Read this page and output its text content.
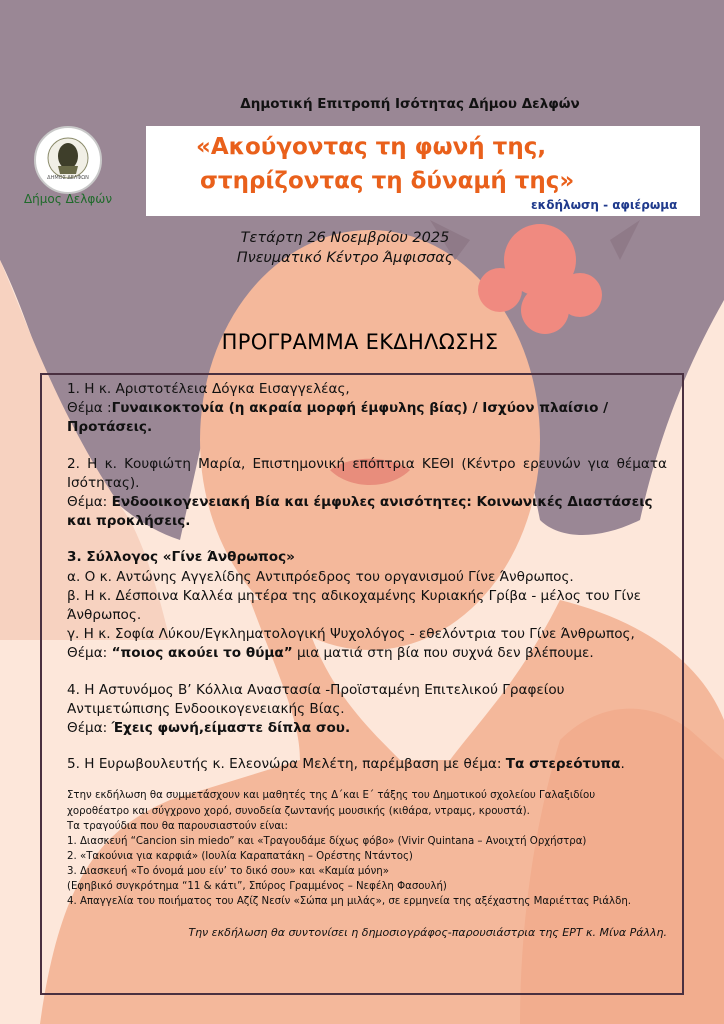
Δημοτική Επιτροπή Ισότητας Δήμου Δελφών
ΔΗΜΟΣ ΔΕΛΦΩΝ
Δήμος Δελφών
«Ακούγοντας τη φωνή της,
στηρίζοντας τη δύναμή της»
εκδήλωση - αφιέρωμα
Τετάρτη 26 Νοεμβρίου 2025
Πνευματικό Κέντρο Άμφισσας
ΠΡΟΓΡΑΜΜΑ ΕΚΔΗΛΩΣΗΣ

1. Η κ. Αριστοτέλεια Δόγκα Εισαγγελέας,

Θέμα :Γυναικοκτονία (η ακραία μορφή έμφυλης βίας) / Ισχύον πλαίσιο / Προτάσεις.

2. Η κ. Κουφιώτη Μαρία, Επιστημονική επόπτρια ΚΕΘΙ (Κέντρο ερευνών για θέματα Ισότητας).

Θέμα: Ενδοοικογενειακή Βία και έμφυλες ανισότητες: Κοινωνικές Διαστάσεις και προκλήσεις.

3. Σύλλογος «Γίνε Άνθρωπος»

α. Ο κ. Αντώνης Αγγελίδης Αντιπρόεδρος του οργανισμού Γίνε Άνθρωπος.

β. Η κ. Δέσποινα Καλλέα μητέρα της αδικοχαμένης Κυριακής Γρίβα - μέλος του Γίνε Άνθρωπος.

γ. Η κ. Σοφία Λύκου/Εγκληματολογική Ψυχολόγος - εθελόντρια του Γίνε Άνθρωπος,

Θέμα: “ποιος ακούει το θύμα” μια ματιά στη βία που συχνά δεν βλέπουμε.

4. Η Αστυνόμος Β’ Κόλλια Αναστασία -Προϊσταμένη Επιτελικού Γραφείου Αντιμετώπισης Ενδοοικογενειακής Βίας.

Θέμα: Έχεις φωνή,είμαστε δίπλα σου.

5. Η Ευρωβουλευτής κ. Ελεονώρα Μελέτη, παρέμβαση με θέμα: Τα στερεότυπα.

Στην εκδήλωση θα συμμετάσχουν και μαθητές της Δ΄και Ε΄ τάξης του Δημοτικού σχολείου Γαλαξιδίου
χοροθέατρο και σύγχρονο χορό, συνοδεία ζωντανής μουσικής (κιθάρα, ντραμς, κρουστά).
Τα τραγούδια που θα παρουσιαστούν είναι:
1. Διασκευή “Cancion sin miedo” και «Τραγουδάμε δίχως φόβο» (Vivir Quintana – Ανοιχτή Ορχήστρα)
2. «Τακούνια για καρφιά» (Ιουλία Καραπατάκη – Ορέστης Ντάντος)
3. Διασκευή «Το όνομά μου είν’ το δικό σου» και «Καμία μόνη»
(Εφηβικό συγκρότημα “11 & κάτι”, Σπύρος Γραμμένος – Νεφέλη Φασουλή)
4. Απαγγελία του ποιήματος του Αζίζ Νεσίν «Σώπα μη μιλάς», σε ερμηνεία της αξέχαστης Μαριέττας Ριάλδη.
Την εκδήλωση θα συντονίσει η δημοσιογράφος-παρουσιάστρια της ΕΡΤ κ. Μίνα Ράλλη.
